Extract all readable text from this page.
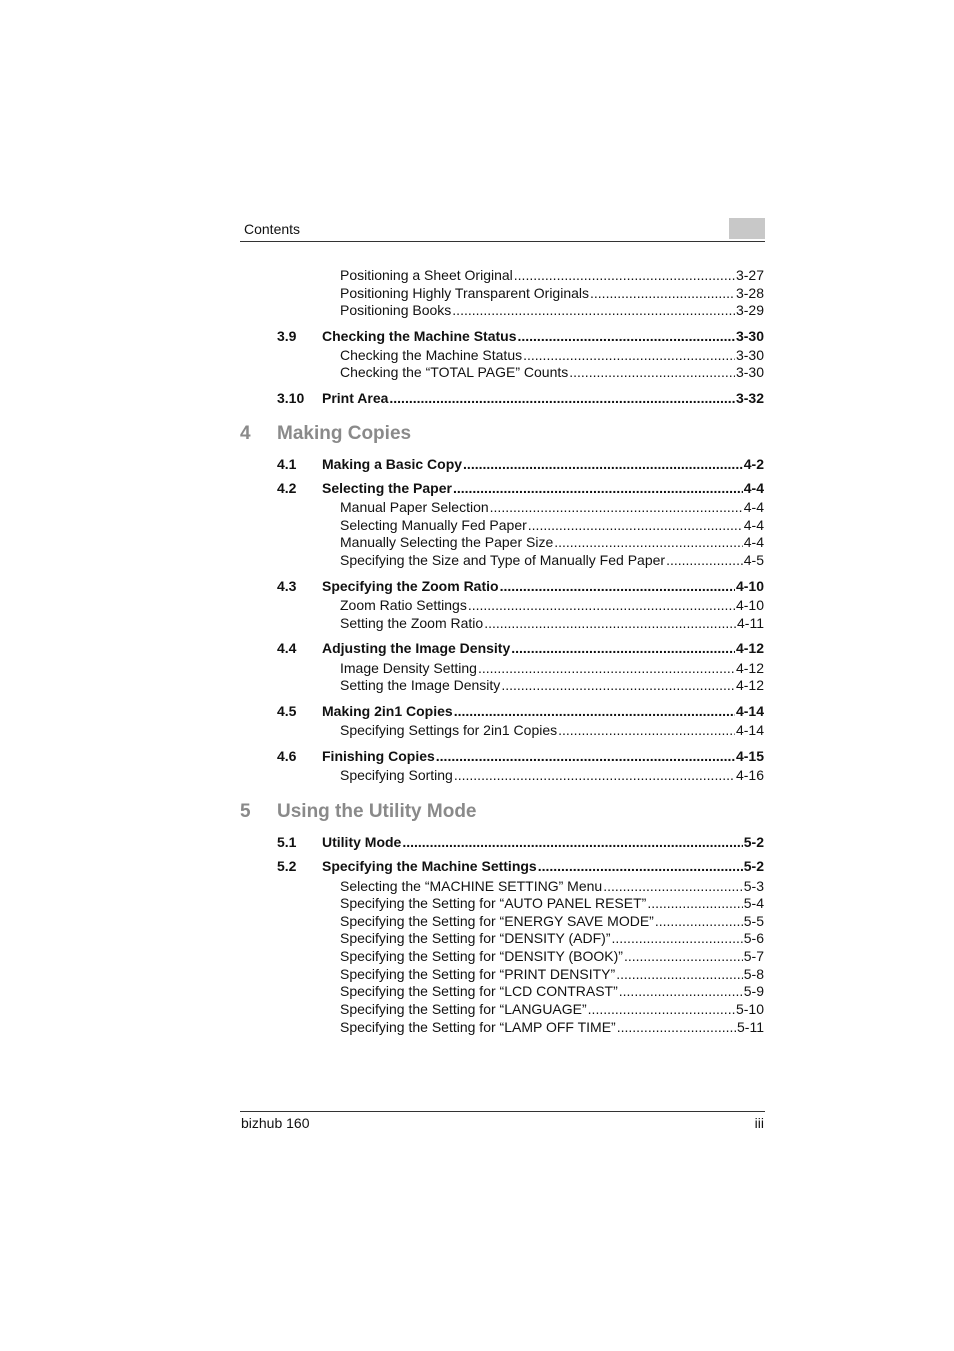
Contents
Positioning a Sheet Original .....	3-27
Positioning Highly Transparent Originals .....	3-28
Positioning Books .....	3-29
3.9	Checking the Machine Status .....	3-30
Checking the Machine Status .....	3-30
Checking the “TOTAL PAGE” Counts .....	3-30
3.10	Print Area .....	3-32
4	Making Copies
4.1	Making a Basic Copy .....	4-2
4.2	Selecting the Paper .....	4-4
Manual Paper Selection .....	4-4
Selecting Manually Fed Paper .....	4-4
Manually Selecting the Paper Size .....	4-4
Specifying the Size and Type of Manually Fed Paper .....	4-5
4.3	Specifying the Zoom Ratio .....	4-10
Zoom Ratio Settings .....	4-10
Setting the Zoom Ratio .....	4-11
4.4	Adjusting the Image Density .....	4-12
Image Density Setting .....	4-12
Setting the Image Density .....	4-12
4.5	Making 2in1 Copies .....	4-14
Specifying Settings for 2in1 Copies .....	4-14
4.6	Finishing Copies .....	4-15
Specifying Sorting .....	4-16
5	Using the Utility Mode
5.1	Utility Mode .....	5-2
5.2	Specifying the Machine Settings .....	5-2
Selecting the “MACHINE SETTING” Menu .....	5-3
Specifying the Setting for “AUTO PANEL RESET” .....	5-4
Specifying the Setting for “ENERGY SAVE MODE” .....	5-5
Specifying the Setting for “DENSITY (ADF)” .....	5-6
Specifying the Setting for “DENSITY (BOOK)” .....	5-7
Specifying the Setting for “PRINT DENSITY” .....	5-8
Specifying the Setting for “LCD CONTRAST” .....	5-9
Specifying the Setting for “LANGUAGE” .....	5-10
Specifying the Setting for “LAMP OFF TIME” .....	5-11
bizhub 160	iii
